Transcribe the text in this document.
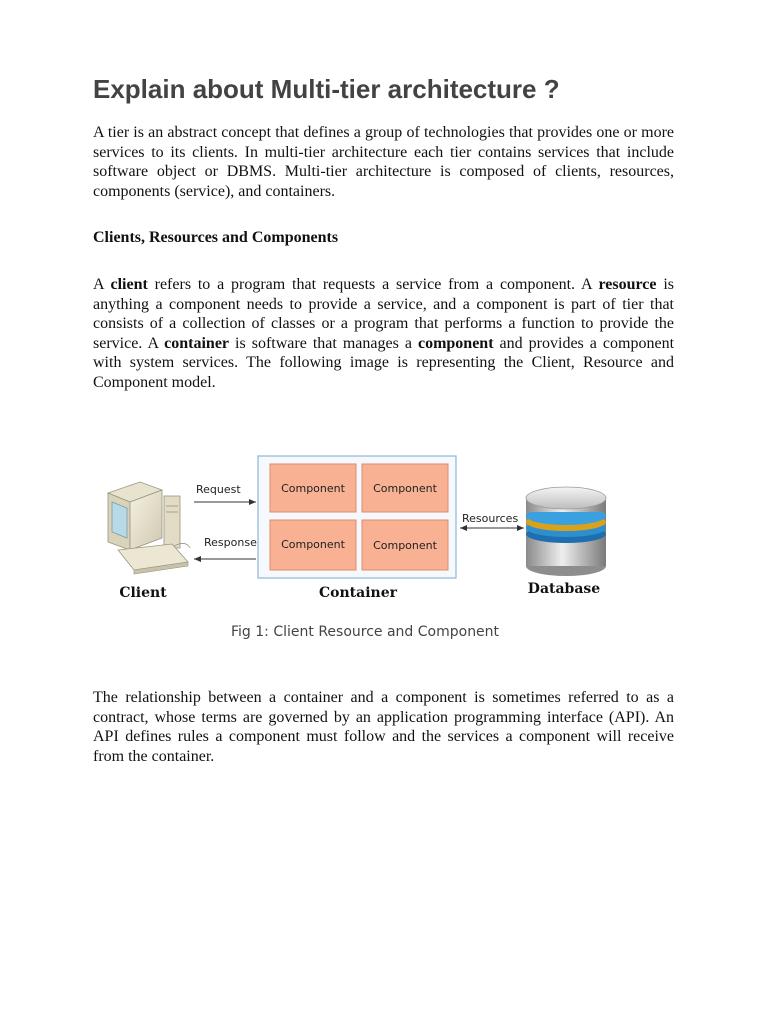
Explain about Multi-tier architecture ?

A tier is an abstract concept that defines a group of technologies that provides one or more services to its clients. In multi-tier architecture each tier contains services that include software object or DBMS. Multi-tier architecture is composed of clients, resources, components (service), and containers.

Clients, Resources and Components

A client refers to a program that requests a service from a component. A resource is anything a component needs to provide a service, and a component is part of tier that consists of a collection of classes or a program that performs a function to provide the service. A container is software that manages a component and provides a component with system services. The following image is representing the Client, Resource and Component model.

The relationship between a container and a component is sometimes referred to as a contract, whose terms are governed by an application programming interface (API). An API defines rules a component must follow and the services a component will receive from the container.

Request
Response
Component	Component
Component	Component
Resources
Client	Container	Database

Fig 1: Client Resource and Component
